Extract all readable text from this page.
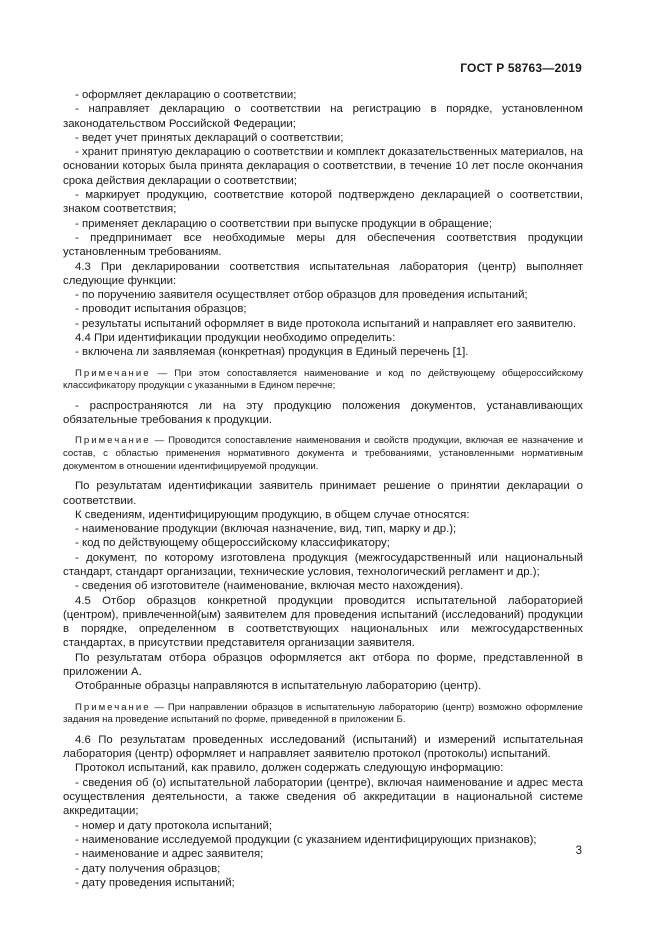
ГОСТ Р 58763—2019

- оформляет декларацию о соответствии;

- направляет декларацию о соответствии на регистрацию в порядке, установленном законодательством Российской Федерации;

- ведет учет принятых деклараций о соответствии;

- хранит принятую декларацию о соответствии и комплект доказательственных материалов, на основании которых была принята декларация о соответствии, в течение 10 лет после окончания срока действия декларации о соответствии;

- маркирует продукцию, соответствие которой подтверждено декларацией о соответствии, знаком соответствия;

- применяет декларацию о соответствии при выпуске продукции в обращение;

- предпринимает все необходимые меры для обеспечения соответствия продукции установленным требованиям.

4.3 При декларировании соответствия испытательная лаборатория (центр) выполняет следующие функции:

- по поручению заявителя осуществляет отбор образцов для проведения испытаний;

- проводит испытания образцов;

- результаты испытаний оформляет в виде протокола испытаний и направляет его заявителю.

4.4 При идентификации продукции необходимо определить:

- включена ли заявляемая (конкретная) продукция в Единый перечень [1].

Примечание — При этом сопоставляется наименование и код по действующему общероссийскому классификатору продукции с указанными в Едином перечне;

- распространяются ли на эту продукцию положения документов, устанавливающих обязательные требования к продукции.

Примечание — Проводится сопоставление наименования и свойств продукции, включая ее назначение и состав, с областью применения нормативного документа и требованиями, установленными нормативным документом в отношении идентифицируемой продукции.

По результатам идентификации заявитель принимает решение о принятии декларации о соответствии.

К сведениям, идентифицирующим продукцию, в общем случае относятся:

- наименование продукции (включая назначение, вид, тип, марку и др.);

- код по действующему общероссийскому классификатору;

- документ, по которому изготовлена продукция (межгосударственный или национальный стандарт, стандарт организации, технические условия, технологический регламент и др.);

- сведения об изготовителе (наименование, включая место нахождения).

4.5 Отбор образцов конкретной продукции проводится испытательной лабораторией (центром), привлеченной(ым) заявителем для проведения испытаний (исследований) продукции в порядке, определенном в соответствующих национальных или межгосударственных стандартах, в присутствии представителя организации заявителя.

По результатам отбора образцов оформляется акт отбора по форме, представленной в приложении А.

Отобранные образцы направляются в испытательную лабораторию (центр).

Примечание — При направлении образцов в испытательную лабораторию (центр) возможно оформление задания на проведение испытаний по форме, приведенной в приложении Б.

4.6 По результатам проведенных исследований (испытаний) и измерений испытательная лаборатория (центр) оформляет и направляет заявителю протокол (протоколы) испытаний.

Протокол испытаний, как правило, должен содержать следующую информацию:

- сведения об (о) испытательной лаборатории (центре), включая наименование и адрес места осуществления деятельности, а также сведения об аккредитации в национальной системе аккредитации;

- номер и дату протокола испытаний;

- наименование исследуемой продукции (с указанием идентифицирующих признаков);

- наименование и адрес заявителя;

- дату получения образцов;

- дату проведения испытаний;

3
